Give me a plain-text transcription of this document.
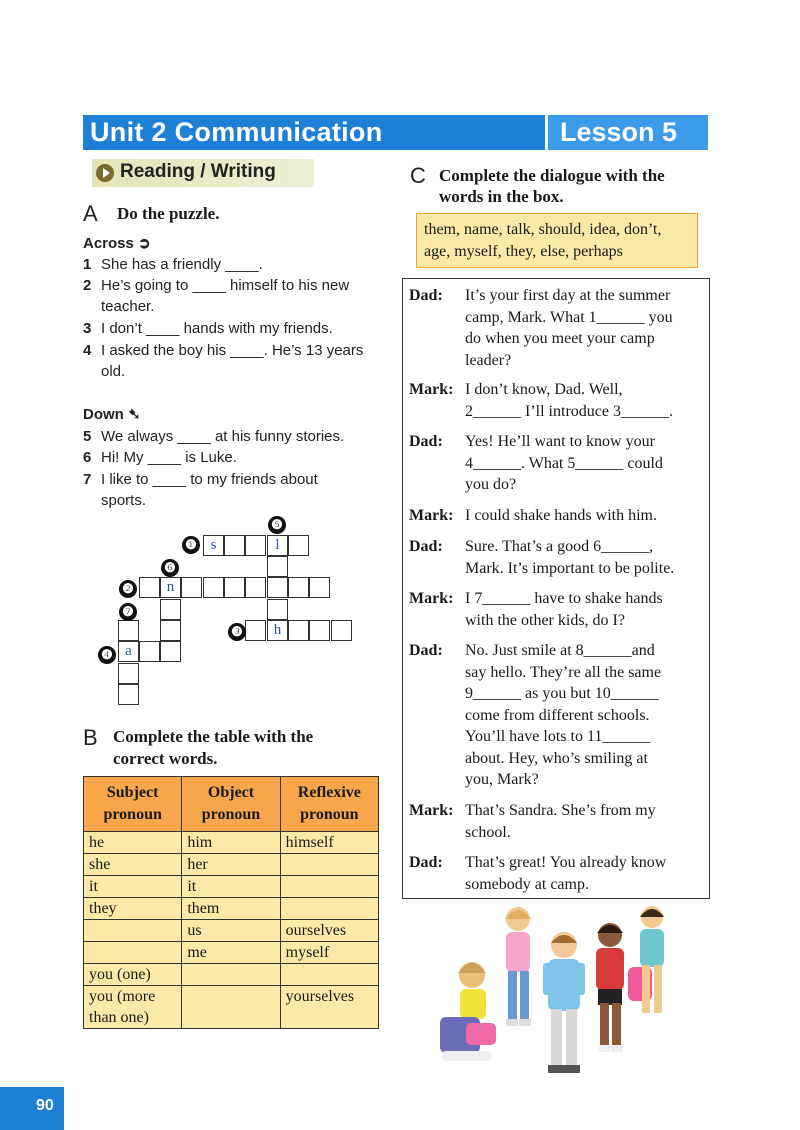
Unit 2 Communication	Lesson 5
Reading / Writing
A Do the puzzle.
Across ➲
1 She has a friendly ____.
2 He’s going to ____ himself to his new
teacher.
3 I don’t ____ hands with my friends.
4 I asked the boy his ____. He’s 13 years
old.
Down ➷
5 We always ____ at his funny stories.
6 Hi! My ____ is Luke.
7 I like to ____ to my friends about
sports.
s	l
n
h
a
❶
❷
❸
❹
❺
❻
❼
B Complete the table with the
correct words.
Subject
pronoun	Object
pronoun	Reflexive
pronoun
he	him	himself
she	her	
it	it	
they	them	
	us	ourselves
	me	myself
you (one)		
you (more
than one)		yourselves
C Complete the dialogue with the
words in the box.
them, name, talk, should, idea, don’t,
age, myself, they, else, perhaps
Dad:	It’s your first day at the summer
camp, Mark. What 1______ you
do when you meet your camp
leader?
Mark: I don’t know, Dad. Well,
2______ I’ll introduce 3______.
Dad:	Yes! He’ll want to know your
4______. What 5______ could
you do?
Mark: I could shake hands with him.
Dad:	Sure. That’s a good 6______,
Mark. It’s important to be polite.
Mark: I 7______ have to shake hands
with the other kids, do I?
Dad:	No. Just smile at 8______and
say hello. They’re all the same
9______ as you but 10______
come from different schools.
You’ll have lots to 11______
about. Hey, who’s smiling at
you, Mark?
Mark: That’s Sandra. She’s from my
school.
Dad:	That’s great! You already know
somebody at camp.
90
